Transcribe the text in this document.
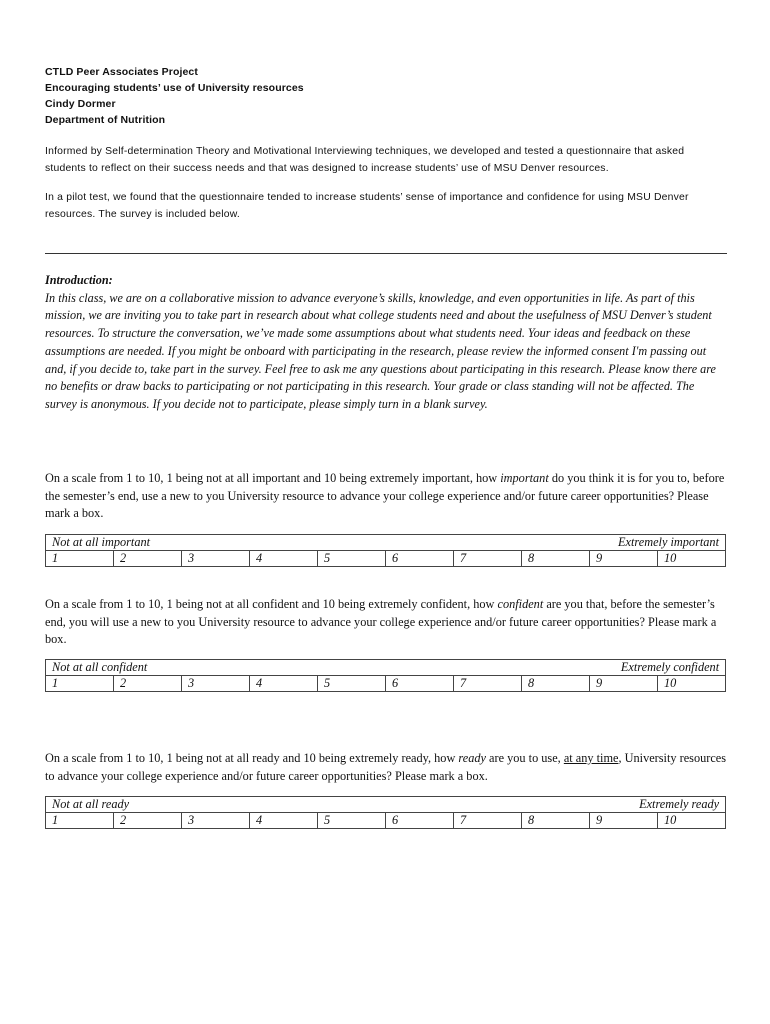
CTLD Peer Associates Project
Encouraging students’ use of University resources
Cindy Dormer
Department of Nutrition
Informed by Self-determination Theory and Motivational Interviewing techniques, we developed and tested a questionnaire that asked students to reflect on their success needs and that was designed to increase students’ use of MSU Denver resources.
In a pilot test, we found that the questionnaire tended to increase students’ sense of importance and confidence for using MSU Denver resources. The survey is included below.
Introduction:
In this class, we are on a collaborative mission to advance everyone’s skills, knowledge, and even opportunities in life. As part of this mission, we are inviting you to take part in research about what college students need and about the usefulness of MSU Denver’s student resources. To structure the conversation, we’ve made some assumptions about what students need. Your ideas and feedback on these assumptions are needed. If you might be onboard with participating in the research, please review the informed consent I'm passing out and, if you decide to, take part in the survey. Feel free to ask me any questions about participating in this research. Please know there are no benefits or draw backs to participating or not participating in this research. Your grade or class standing will not be affected. The survey is anonymous. If you decide not to participate, please simply turn in a blank survey.
On a scale from 1 to 10, 1 being not at all important and 10 being extremely important, how important do you think it is for you to, before the semester’s end, use a new to you University resource to advance your college experience and/or future career opportunities? Please mark a box.
Not at all important	Extremely important

1	2	3	4	5	6	7	8	9	10
On a scale from 1 to 10, 1 being not at all confident and 10 being extremely confident, how confident are you that, before the semester’s end, you will use a new to you University resource to advance your college experience and/or future career opportunities? Please mark a box.
Not at all confident	Extremely confident

1	2	3	4	5	6	7	8	9	10
On a scale from 1 to 10, 1 being not at all ready and 10 being extremely ready, how ready are you to use, at any time, University resources to advance your college experience and/or future career opportunities? Please mark a box.
Not at all ready	Extremely ready

1	2	3	4	5	6	7	8	9	10
